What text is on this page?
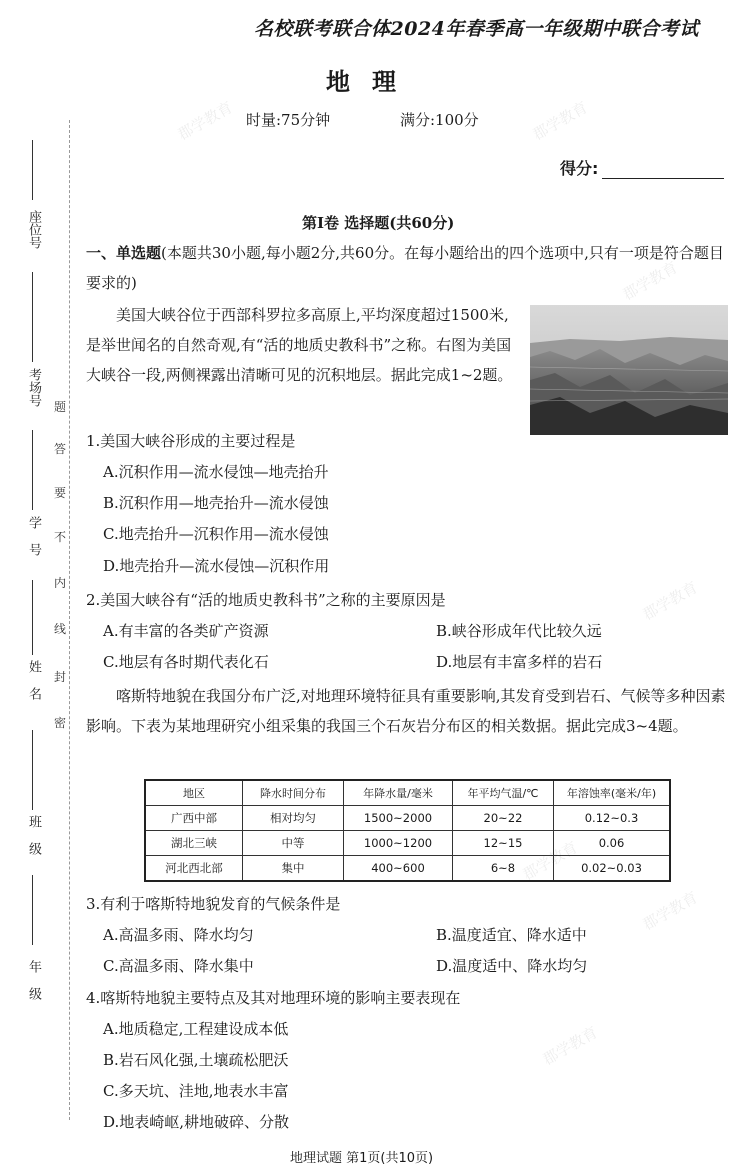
座位号
考场号
学号
姓名
班级
年级
题
答
要
不
内
线
封
密
名校联考联合体2024年春季高一年级期中联合考试
地理
时量:75分钟	满分:100分
得分:
第Ⅰ卷 选择题(共60分)
一、单选题(本题共30小题,每小题2分,共60分。在每小题给出的四个选项中,只有一项是符合题目要求的)
美国大峡谷位于西部科罗拉多高原上,平均深度超过1500米,是举世闻名的自然奇观,有“活的地质史教科书”之称。右图为美国大峡谷一段,两侧裸露出清晰可见的沉积地层。据此完成1~2题。
1.美国大峡谷形成的主要过程是
A.沉积作用—流水侵蚀—地壳抬升
B.沉积作用—地壳抬升—流水侵蚀
C.地壳抬升—沉积作用—流水侵蚀
D.地壳抬升—流水侵蚀—沉积作用
2.美国大峡谷有“活的地质史教科书”之称的主要原因是
A.有丰富的各类矿产资源	B.峡谷形成年代比较久远
C.地层有各时期代表化石	D.地层有丰富多样的岩石
喀斯特地貌在我国分布广泛,对地理环境特征具有重要影响,其发育受到岩石、气候等多种因素影响。下表为某地理研究小组采集的我国三个石灰岩分布区的相关数据。据此完成3~4题。
地区	降水时间分布	年降水量/毫米	年平均气温/℃	年溶蚀率(毫米/年)
广西中部	相对均匀	1500~2000	20~22	0.12~0.3
湖北三峡	中等	1000~1200	12~15	0.06
河北西北部	集中	400~600	6~8	0.02~0.03
3.有利于喀斯特地貌发育的气候条件是
A.高温多雨、降水均匀	B.温度适宜、降水适中
C.高温多雨、降水集中	D.温度适中、降水均匀
4.喀斯特地貌主要特点及其对地理环境的影响主要表现在
A.地质稳定,工程建设成本低
B.岩石风化强,土壤疏松肥沃
C.多天坑、洼地,地表水丰富
D.地表崎岖,耕地破碎、分散
地理试题 第1页(共10页)
郡学教育	郡学教育
郡学教育
郡学教育
郡学教育
郡学教育
郡学教育
